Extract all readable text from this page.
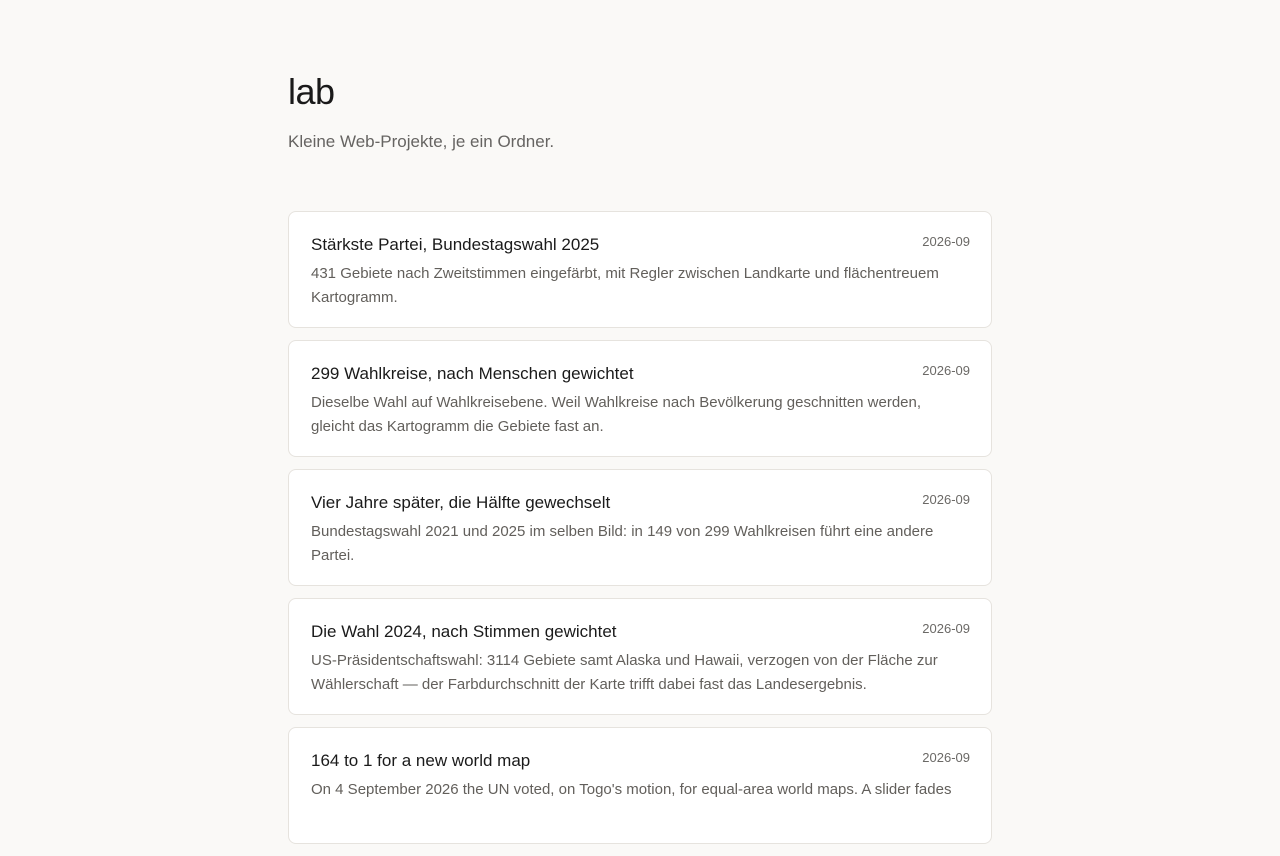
lab

Kleine Web-Projekte, je ein Ordner.

Stärkste Partei, Bundestagswahl 2025	2026-09
431 Gebiete nach Zweitstimmen eingefärbt, mit Regler zwischen Landkarte und flächentreuem Kartogramm.
299 Wahlkreise, nach Menschen gewichtet	2026-09
Dieselbe Wahl auf Wahlkreisebene. Weil Wahlkreise nach Bevölkerung geschnitten werden, gleicht das Kartogramm die Gebiete fast an.
Vier Jahre später, die Hälfte gewechselt	2026-09
Bundestagswahl 2021 und 2025 im selben Bild: in 149 von 299 Wahlkreisen führt eine andere Partei.
Die Wahl 2024, nach Stimmen gewichtet	2026-09
US-Präsidentschaftswahl: 3114 Gebiete samt Alaska und Hawaii, verzogen von der Fläche zur Wählerschaft — der Farbdurchschnitt der Karte trifft dabei fast das Landesergebnis.
164 to 1 for a new world map	2026-09
On 4 September 2026 the UN voted, on Togo's motion, for equal-area world maps. A slider fades
